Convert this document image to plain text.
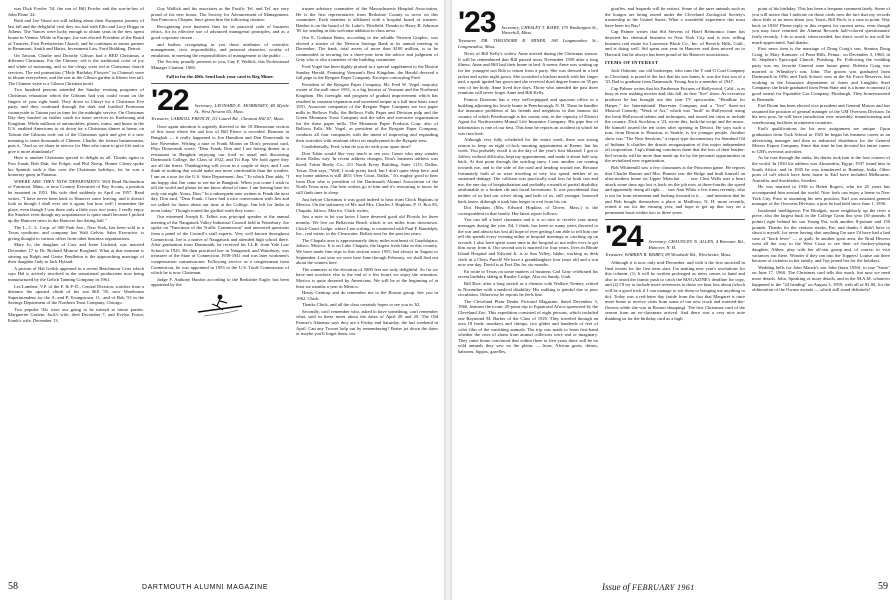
was Dick Fowler '54, the son of Bill Fowler and the son-in-law of John Plane '24.

Ruth and Joe Vance are still talking about their European journey of last fall and the delightful visit they too had with Ellis and Lucy Briggs in Athens. The Vances were lucky enough to obtain seats in the new opera house in Vienna. While in Europe, Joe was elected President of the Board of Trustees, First Presbyterian Church, and he continues as senior partner in Beaumont, Smith and Harris, Investment Law, Ford Building, Detroit.

On Taiwan, Charlie and Dorothy Gibson had a RED Christmas, a different Christmas. For the Chinese, red is the traditional color of joy and white of mourning, and so the clergy wear red at Christmas church services. The red poinsettias ("Holy Birthday Flowers" in Chinese) were in bloom everywhere, and the one in the Gibson garden is fifteen feet tall. The Chinese verse is a Gibson Christian motif.

Two hundred persons attended the Sunday evening programs of Christmas relaxation which the Gibsons had you could count on the fingers of your right hand. They drove to Chiayi for a Christmas Eve party, and they continued through the dark and fortified Formosan countryside to Tainan just in time for the midnight service. On Christmas Day they hurried on farther south for more services in Kaohsiung and Kingdom. While millions of automobiles, planes, trains, and buses in the U.S. enabled Americans to sit down for a Christmas dinner at home, on Taiwan the Gibsons rode out of the Christmas spirit and give it a new meaning to some thousands of Chinese. Charlie, the former businessman, puts it, "And so we share in service for Him who came to give life and to give it more abundantly!"

Here is another Christmas special to delight us all. Thanks again to Pres Jonah, Bob Dub, Joe Folger, and Phil Neesp. Homer Cleary spoke his Spanish with a flair over the Christmas holidays, for he was a honorary guest in Panama.

WHERE ARE THEY NOW DEPARTMENT: Will Read Richardson of Fairmont, Minn., is now Country Executive of Boy Scouts, a position he assumed in 1951. His wife died suddenly in April on 1957. Read writes, "I have never been back to Hanover since leaving, and it doesn't look as though I shall ever see it again, but how well I remember the place, even though I was there only a little over two years. I really enjoy the Smokes even though my acquaintance is quite small because I picked up the Hanover news in the Hanover lies dating half."

The L. C. L. Corp. of 500 Park Ave., New York, has been sold to a Texas syndicate, and company has Walt Gelvin, Sales Executive, is giving thought to various offers from other business organizations.

Mary Jo, the daughter of Cary and Irene Litchard, was married December 17 to Dr. Richard Monroe Borgland. What at that moment is stirring up Ralph and Gertie Pendleton is the approaching marriage of their daughter Judy to Jack Hyland.

A picture of Hal Gelich appeared in a recent Beachmour Crier which says Hal is actively involved in the sensational productions now being manufactured by the Gelich Tanning Company in 1961.

Les Lambert, V.P. of the F. & P.-D., Central Division, watches from a distance the upward climb of his son Bill '50, now Warehouse Superintendent for the A. and P. Youngstown, O., and of Bob '53 in the Savings Department of the Northern Trust Company, Chicago.

Two popular '42s were our going to be missed at future parties. Marguerite Garfein, Jack's wife, died December 7, and Evelyn Foster, Frank's wife, December 13.

Guy Wallick and his associates at the Pacific Tel. and Tel. are very proud of his new honor. The Society for Advancement of Management, San Francisco Chapter, have given him the following citation:

Recognizing your business firm for its practical code of business ethics, for its effective use of advanced managerial principles, and as a good corporate citizen . . .

and further, recognizing in you those attributes of scientific management, civic responsibility, and personal character, worthy of emulation, in meeting the responsibilities of management to the public . . .

The Society proudly presents to you, Guy F. Wallick, this Professional Manager Citation, 1960.

Fall in for the 40th. Send back your card to Reg Miner.
'22 Secretary, LEONARD E. MORRISSEY, 48 Myrtle St., West Newton 65, Mass.
Treasurer, CARROLL FRENCH, 111 Laurel Rd., Chestnut Hill 67, Mass.

Once again attention is urgently directed to the 18 Memoriam section of this issue where the sad loss of Bill Pierce is recorded. Reunion in Bangkok — it really happened to Jon Hamilton and Don Donovanik in late November. Writing a note to Frank Moran on Don's personal card, Phys Donovanik wrote, "Dear Frank, Don and I are having dinner in a restaurant in Bangkok enjoying our food so usual and discussing Dartmouth College, the Class of 1922, and Tri Kap. We both agree they are all the finest. Thanksgiving will occur in a couple of days, and I can think of nothing that would make one more comfortable than the weather. I am on a tour for the U.S. State Department. Jim." To which Don adds, "I am happy that Jim came to see me in Bangkok. When you come I wish to tell the world and please let me know ahead of time. I am leaving here for only one night. Yours, Don." In a subsequent note written to Frank the next day, Don said, "Dear Frank, I have had a nice conversation with Jim and we talked for hours about our time at the College. Jim left for India at noon today." Though routed the girdled earth they room . . .

Our esteemed Joseph E. Talbot was principal speaker at the annual meeting of the Naugatuck Valley Industrial Council held in Waterbury. Joe spoke on "Functions of the Traffic Commission" and answered questions from a panel of the Council's staff experts. Very well known throughout Connecticut, Joe is a native of Naugatuck and attended high school there. After graduation from Dartmouth, he received his LL.B. from Yale Law School in 1925. He then practiced law in Naugatuck and Waterbury, was treasurer of the State of Connecticut 1939-1941 and was later workmen's compensation commissioner. Following service as a congressman from Connecticut, he was appointed in 1953 to the U.S. Tariff Commission of which he is now Chairman.

Judge F. Anthony Hanlon according to the Berkshire Eagle, has been appointed by the

trustee advisory committee of the Massachusetts Hospital Association. He is the first representative from Berkshire County to serve on this committee. Each member is affiliated with a hospital board of trustees. Hanlon is on the board of St. Luke's, Pittsfield. Thanks to Harry B. Johnson '05 for sending in this welcome addition to class news.

Our E. Graham Bates, according to the reliable Newton Graphic, was elected a trustee of the Newton Savings Bank at its annual meeting in December. The bank, total assets of more than $100 million, is to be commended in securing for a three-year term the advice and judgment of Gray who is also a member of the building committee.

Fred Vogel has been highly praised in a special supplement to the Boston Sunday Herald, Featuring Vermont's Best Kingdom, the Herald devoted a full page to the Ryegate Paper Company. Excerpts concerning Fred:

President of the Ryegate Paper Company, Mr. Fred W. Vogel, majority owner of the mill since 1951, is a big booster of Vermont and the Northeast Kingdom. His foresight and program of gradual improvement which has resulted in constant expansion and increased output at a full time basis since 1951. Associate companies of the Ryegate Paper Company are two paper mills in Bellows Falls, the Bellows Falls Paper and Division pulp and the Green Mountain Trout Company and the sales and executive organization for the three paper mills. The Mountain Paper Products Corp. also of Bellows Falls. Mr. Vogel, as president of the Ryegate Paper Company, conducts all four companies with the intent of improving and expanding their activities with resultant effect on employment in the Ryegate area.

Confidentially, Fred, what do you do with your spare time?

Don Tobin would like very much to see you. Gener who may wander down Dallas way. In recent address changes, Don's business address was listed: Tobin Realty Co., 211 North Ervay Building, Suite 1115, Dallas, Texas. Don says, "Well, I work pretty hard, but I don't quite sleep here, and my home address is still 4851 Over Court, Dallas." It's mighty good to hear from Don who is president of the Dartmouth Alumni Association of the North Texas area. Our best wishes go to him and it's reassuring to know he still finds time to sleep.

Just before Christmas it was good indeed to hear from Chick Hopkins in Mexico. On the stationery of Mr. and Mrs. Charles J. Hopkins, P. O. Box 83, Chapala, Jalisco, Mexico, Chick writes,

Just a note to let you know I have deserted good old Florida for three months. We live on Bellavista Beach which is six miles from downtown. Chick-Gourt Lodge, where I am writing, is connected with Paul F. Randolph, Inc., real estate, in the Clearwater, Bellair area for the past ten years.

The Chapala area is approximately thirty miles northeast of Guadalajara, Jalisco, Mexico. It is on Lake Chapala, the largest fresh lake in this country. We have made fine trips to this section since 1955, but always in August or September. Last year we were here June through February, we shall find out about the winters here.

The summers at the elevation of 5000 feet are truly delightful. So far we have met nowhere else to the end of a few hours we enjoy the sensation. Mexico is quite deserted by Americans. We will be at the beginning of at least six months a year in Mexico.

Henry Gentrup and do remember me to the Boston group. See you in 1962. Chick.

Thanks Chick, and all the class certainly hopes to see you in '62.

Secondly, can't remember who, asked to have something, can't remember what, said in these notes about the dates of April 28 and 29. The Old Farmer's Almanac says they are a Friday and Saturday, the last weekend in April. Can any Twoser help out by remembering? Better jot down the dates or maybe you'll forget them, too.

58	DARTMOUTH ALUMNI MAGAZINE
'23 Secretary, CHESLEY T. BIXBY, 170 Washington St., Haverhill, Mass.
Treasurer, DR. THEODORE R. MINER, 180 Longmeadow St., Longmeadow, Mass.

News of Bill Kelly's widow Anne arrived during the Christmas season. It will be remembered that Bill passed away November 1958 after a long illness. Anne and Bill had their home in bed. It seems Anne was waiting up for her youngest son Bob to return from a party. She was dressed in a bed jacket and nylon night gown. She scratched a kitchen match with her finger nail, a spark ignited her gown and she received third degree burns on 35 per cent of her body. Anne lived five days. Those who attended the past three reunions will never forget Anne and Bill Kelly.

Francis Donovan has a very well-equipped and spacious office in a building adjoining his lovely home in Peterborough, N. H. There he handles the insurance problems of his friends and neighbors in that famous ski country of which Peterborough is the county seat, in the capacity of District Agent for Northwestern Mutual Life Insurance Company. His pipe line of information is one of our best. This time he reports an accident in which he was involved:

Although very fully scheduled for the entire week, there was strong reason to keep an eight o'clock morning appointment at Keene, but his week. You probably recall it as the day of the year's first blizzard. I got to Jaffrey without difficulty, kept my appointment, and made it about half-way back. At that point through the swirling snow I saw another car coming towards me, and to the side of the road and heading toward me. Because fortunately both of us were traveling at very low speed, neither of us sustained damage. The collision was practically total loss for both cars and me, the one day of hospitalization and probably a month of partial disability attributable to a broken rib and facial lacerations. It was providential that neither of us had our wives along and both of us, still younger, bounced back faster, although it took him longer to exit from his car.

Dot Hopkins (Mrs. Edward Hopkins of Dover, Mass.) is the correspondent in that family. Her latest report follows:

You can tell a brief classmate and it is so nice to receive your many messages during the year. Ed, I think, has been so many years devoted to the war and almost has lost all hope of ever getting I am able to tell him one tell the spends every evening either at hospital meetings or catching up on records. I also have spent some time in the hospital so not miles ever to get him away from it. Our second son is married for four years, lives in Rhode Island Hospital and Edward Jr. is at Sun Valley, Idaho, working as desk clerk in a Chrys Punch! We have a granddaughter four years old and a son now one day. David is at Fort Dix for six months.

En route to Texas on some matters of business Carl Gray celebrated his recent birthday skiing at Rustler Lodge, Alta via Sandy, Utah.

Bill Rice, after a long stretch as a chemist with Wallace Tierney, retired in November with a medical disability. His walking is painful due to poor circulation. Otherwise he reports he feels fine.

The Cleveland Plain Dealer Pictorial Magazine, dated December 3, 1960, features the iconic 45-point trip to Equatorial Africa sponsored by the Cleveland Zoo. This expedition consisted of eight persons, which included one Raymond M. Barker of the Class of 1925. They traveled through an area 18 birds, monkeys and chimps, two glides and hundreds of feet of color film of the vanishing animals. The trip was made to learn first-hand whether the cries of alarm from animal collectors were real or imaginary. They came home convinced that within three to five years there will be no wild animals they saw on the plains — lions, African goats, rhinos, baboons, hippos, gazelles,

giraffes, and leopards will be extinct. Some of the rarer animals such as the bongos are being reared under the Cleveland Zoological Society's trusteeship in the United States. What a wonderful experience this must have been for Ray!

Cap Palmer writes that Sid Stevens of Hotel Belmonico fame has deserted his chemical business in New York City and is now selling business real estate for Lawrence Block Co., Inc. of Beverly Hills, Calif., and is doing well. Sid spent one year in Hanover and then moved on to Harvard, but he always has been proud of his Hanover associations.

ITEMS OF INTEREST

Jock Osborne, our old bookeeper, who runs the Y and O Coal Company in Cleveland, is proud of the fact that his son James Jr. was the first son of a '23 Dad to graduate from Dartmouth. Young Jim is a member of 1947.

Cap Palmer writes that his Parthenon Pictures of Hollywood, Calif., is as busy as ever making movies and, this fall, its first "live" show. As executive producer he has brought out this year TV spectacular, "Headline for Harper," for International Harvester Company and a "live" three-act Musical Comedy, "Work of Art," which was "built" in Hollywood, using the fresh Hollywood talents and techniques, and toured ten cities to include the country. Dick Stockton, a '23, wrote this, both the script and the music. He himself toured the ten cities after opening in Detroit. He says such a tour, from Boston to Houston, to Seattle, is for younger people. Another show was "The Next Sessions," a report type documentary for Standard Oil of Indiana. It clarifies the drastic reorganization of this major independent oil corporation. Cap's thinking convinces them that the loss of their leather-bed security will be more than made up for by the personal opportunities in the revitalized new organization.

Bob Whittemill saw a few classmates at the Princeton game. He reports that Charlie Bonner and Mrs. Bonner saw the Ridge and built himself an ultra-modern home on Upper Monclair . . . saw Clint Wells met a heart attack some time ago but is back on the job now at three-fourths the speed and apparently doing all right . . . saw Ann White a few times recently, who is not far from retirement and looking forward to it . . . and mentions that he and Bob bought themselves a place in Marlboro, N. H. more recently, rented it out for the ensuing year, and hope to get up that way on a permanent basis within two or three years.

'24 Secretary, CHAUNCEY N. ALLEN, 4 Brewster Rd., Hanover, N. H.
Treasurer, WARREN B. BISBEY, 89 Woodside Rd., Winchester, Mass.

Although it is now only mid-December, and with it the first snowfall in final exams for the first term start, I'm making new year's resolutions for this column: (1) It will be written prolonged as news comes to hand and also to avoid the frantic push to catch the MAGAZINE's deadline for copy, and (2) I'll try to include more references to those we hear less about (which will be a good trick if I can manage to stir them to bringing me anything to do). Today was a red-letter day (aside from the fact that Margaret is once more home to receive visits from some of our new crock and watered-the-flowers while she was in Boston shopping). The first Christmas card of the season from an ex-classmate arrived. And there was a very nice note thanking us for the birthday card as a high

point of his birthday. This has been a frequent comment lately. Some of you will notice that I indicate on those cards now the fact that my records show little or no news about you. Yours, Bill Fitch, is a case in point. Way back in 1936! Please reply to this request for current news, even though you may have returned the Alumni Records half-colored questionnaire fairly recently. I do so much, when needed, but direct word to me will be much appreciated. And thanks.

First news item is the marriage of Doug Craig's son, Stanton Doug Craig, to Mary Kamurer, of Penn Hills, Penna., on December 3, 1960, in St. Stephen's Episcopal Church, Pittsburg, Pa. Following the wedding party was my favorite General state house guest. Roberta Craig was married to Wheatley's son, John. The groom was graduated from Dartmouth in 1956, and Tuck School; now in the Air Force Reserves, but working in the Insurance department of Jones and Laughlin Steel Company; the bride graduated from Penn State and is a home economist (a good omen) for Equitable Gas Company, Pittsburgh. They honeymooned in Bermuda.

Earl Doom has been elected vice president and General Motors and has assumed the position of general manager of the GM Overseas Division. In his new post, he will have jurisdiction over assembly, manufacturing and warehousing facilities in nineteen countries.

Earl's qualifications for his new assignment are unique. Upon graduation from Tuck School in 1925 he began his business career as an advertising manager and then as industrial distributor for the General Motors Export Company. Since that time he has devoted his entire career to GM's overseas activities.

As he rose through the ranks, his duties took him to the four corners of the world. In 1930 his address was Alexandria, Egypt; 1937 found him in South Africa; and in 1945 he was transferred to Bombay, India. Other ports of call which have been home to Earl have included Melbourne, Australia, and Stockholm, Sweden.

He was married in 1936 to Helen Rogers, who for 25 years has accompanied him around the world. Now both can enjoy a home in New York City. Prior to assuming his new position, Earl was assistant general manager of the Overseas Division, a post he had held since June 1, 1956.

Incidental intelligence: Pat Blodgett, more neighborly up the river a piece, also the largest buck in the College Grant this year (30 pounds; 8 points) right behind his son Young Pat, with another 8-pointer and 150 pounds. Thanks for the venison steaks, Pat; and thanks I didn't have to shoot it myself, for never having shot anything I'm sure I'd have had a bad case of "buck fever" — or guilt. In another sport area, the Brad Hewess went all the way to the West Coast to see their ice hockey-playing daughter, Althea, play with her all-star group and, of course, to visit variances out there. Wonder if they ran into the Toppers! Louise out there because of sickness in her family, and Top joined her for the holidays.

Wedding bells for John Mauck's son John (born 1936): to one "Susie" on June 17, 1960. The Christmas card tells this much, but now we need more details. John. Speaking of more details, and in the M.A.M. whatever happened to the "24 heading" on August 3, 1959, with all of $1.00, for the obliteration of the Owaeo awards — which still stand definitely!

Issue of FEBRUARY 1961	59
